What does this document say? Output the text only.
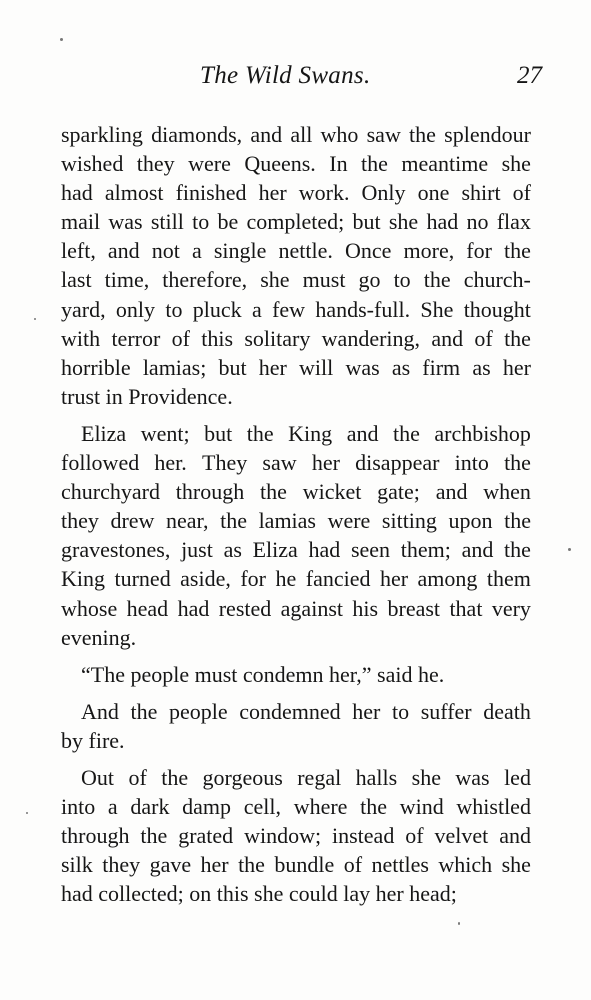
The Wild Swans.	27
sparkling diamonds, and all who saw the splendour
wished they were Queens. In the meantime she
had almost finished her work. Only one shirt of
mail was still to be completed; but she had no flax
left, and not a single nettle. Once more, for the
last time, therefore, she must go to the church-
yard, only to pluck a few hands-full. She thought
with terror of this solitary wandering, and of the
horrible lamias; but her will was as firm as her
trust in Providence.
Eliza went; but the King and the archbishop
followed her. They saw her disappear into the
churchyard through the wicket gate; and when
they drew near, the lamias were sitting upon the
gravestones, just as Eliza had seen them; and the
King turned aside, for he fancied her among them
whose head had rested against his breast that very
evening.
“The people must condemn her,” said he.
And the people condemned her to suffer death
by fire.
Out of the gorgeous regal halls she was led
into a dark damp cell, where the wind whistled
through the grated window; instead of velvet and
silk they gave her the bundle of nettles which she
had collected; on this she could lay her head;
